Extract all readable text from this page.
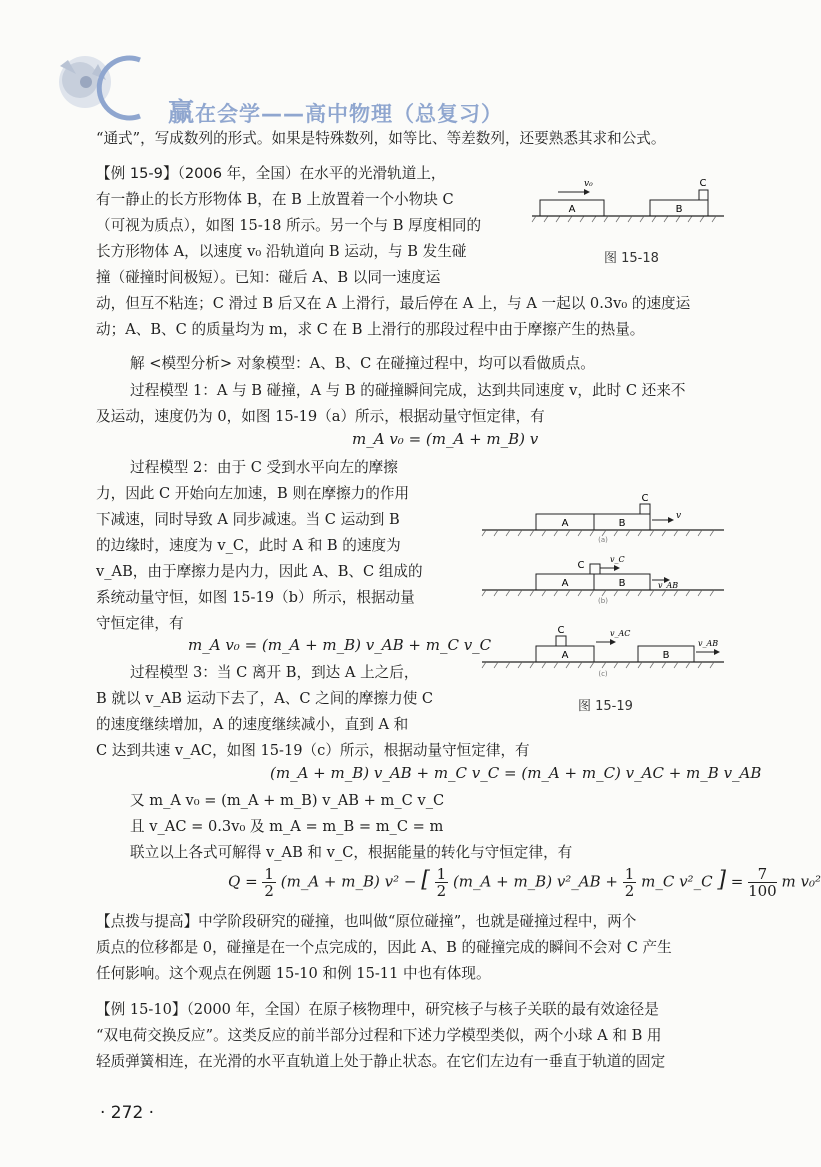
赢在会学——高中物理（总复习）
“通式”，写成数列的形式。如果是特殊数列，如等比、等差数列，还要熟悉其求和公式。
【例 15-9】（2006 年，全国）在水平的光滑轨道上，
有一静止的长方形物体 B，在 B 上放置着一个小物块 C
（可视为质点），如图 15-18 所示。另一个与 B 厚度相同的
长方形物体 A，以速度 v₀ 沿轨道向 B 运动，与 B 发生碰
撞（碰撞时间极短）。已知：碰后 A、B 以同一速度运
动，但互不粘连；C 滑过 B 后又在 A 上滑行，最后停在 A 上，与 A 一起以 0.3v₀ 的速度运
动；A、B、C 的质量均为 m，求 C 在 B 上滑行的那段过程中由于摩擦产生的热量。
解 <模型分析> 对象模型：A、B、C 在碰撞过程中，均可以看做质点。
过程模型 1：A 与 B 碰撞，A 与 B 的碰撞瞬间完成，达到共同速度 v，此时 C 还来不
及运动，速度仍为 0，如图 15-19（a）所示，根据动量守恒定律，有
m_A v₀ = (m_A + m_B) v
过程模型 2：由于 C 受到水平向左的摩擦
力，因此 C 开始向左加速，B 则在摩擦力的作用
下减速，同时导致 A 同步减速。当 C 运动到 B
的边缘时，速度为 v_C，此时 A 和 B 的速度为
v_AB，由于摩擦力是内力，因此 A、B、C 组成的
系统动量守恒，如图 15-19（b）所示，根据动量
守恒定律，有
m_A v₀ = (m_A + m_B) v_AB + m_C v_C
过程模型 3：当 C 离开 B，到达 A 上之后，
B 就以 v_AB 运动下去了，A、C 之间的摩擦力使 C
的速度继续增加，A 的速度继续减小，直到 A 和
C 达到共速 v_AC，如图 15-19（c）所示，根据动量守恒定律，有
(m_A + m_B) v_AB + m_C v_C = (m_A + m_C) v_AC + m_B v_AB
又 m_A v₀ = (m_A + m_B) v_AB + m_C v_C
且 v_AC = 0.3v₀ 及 m_A = m_B = m_C = m
联立以上各式可解得 v_AB 和 v_C，根据能量的转化与守恒定律，有
$Q = \frac{1}{2}$ (m_A + m_B) v² − [ $\frac{1}{2}$ (m_A + m_B) v²_AB + $\frac{1}{2}$ m_C v²_C ] = $\frac{7}{100}$ m v₀²
【点拨与提高】中学阶段研究的碰撞，也叫做“原位碰撞”，也就是碰撞过程中，两个
质点的位移都是 0，碰撞是在一个点完成的，因此 A、B 的碰撞完成的瞬间不会对 C 产生
任何影响。这个观点在例题 15-10 和例 15-11 中也有体现。
【例 15-10】（2000 年，全国）在原子核物理中，研究核子与核子关联的最有效途径是
“双电荷交换反应”。这类反应的前半部分过程和下述力学模型类似，两个小球 A 和 B 用
轻质弹簧相连，在光滑的水平直轨道上处于静止状态。在它们左边有一垂直于轨道的固定
A	B
C
v₀
图 15-18
A	B
C
v
(a)
A	B
C
v_C
v_AB
(b)
A	B
C	v_AC
v_AB
(c)
图 15-19
· 272 ·
